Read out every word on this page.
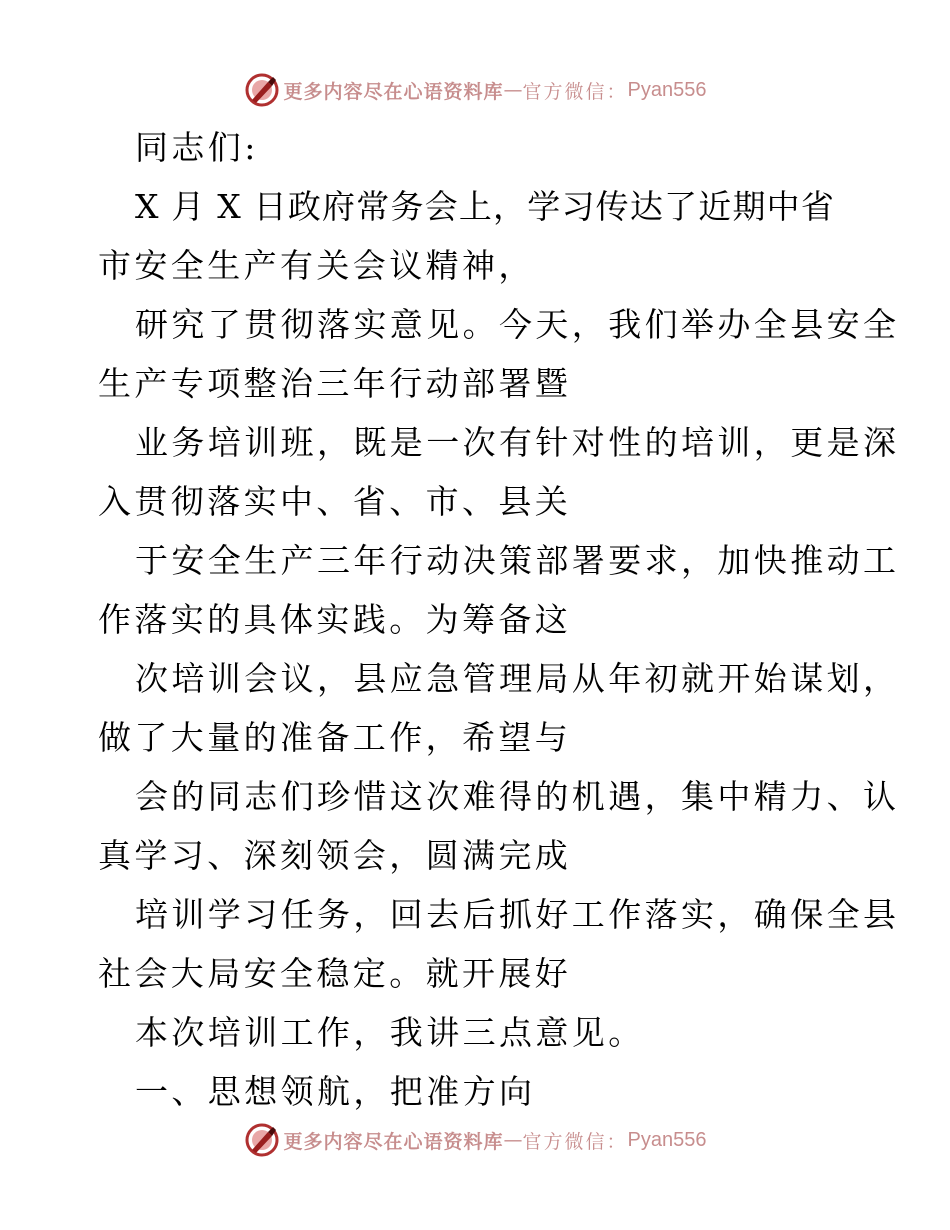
更多内容尽在心语资料库 — 官方微信： Pyan556
同志们:
X 月 X 日政府常务会上，学习传达了近期中省
市安全生产有关会议精神，
研究了贯彻落实意见。今天，我们举办全县安全
生产专项整治三年行动部署暨
业务培训班，既是一次有针对性的培训，更是深
入贯彻落实中、省、市、县关
于安全生产三年行动决策部署要求，加快推动工
作落实的具体实践。为筹备这
次培训会议，县应急管理局从年初就开始谋划，
做了大量的准备工作，希望与
会的同志们珍惜这次难得的机遇，集中精力、认
真学习、深刻领会，圆满完成
培训学习任务，回去后抓好工作落实，确保全县
社会大局安全稳定。就开展好
本次培训工作，我讲三点意见。
一、思想领航，把准方向
更多内容尽在心语资料库 — 官方微信： Pyan556
